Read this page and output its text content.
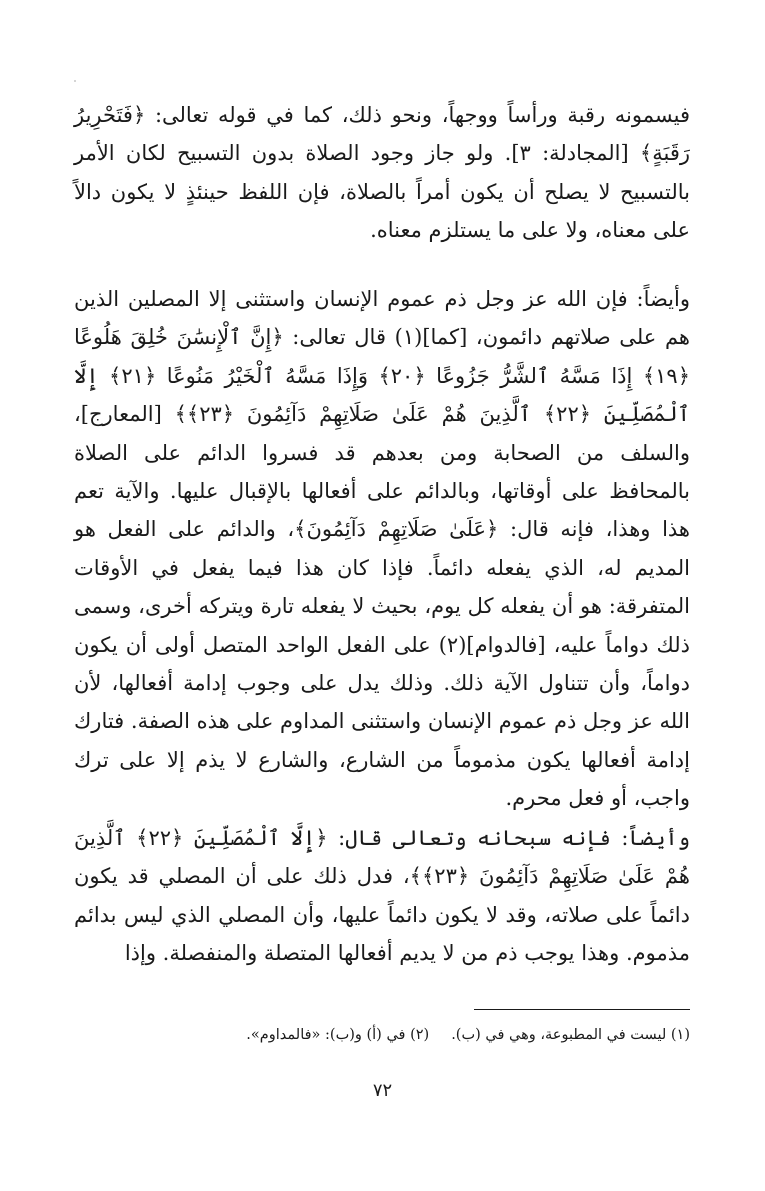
فيسمونه رقبة ورأساً ووجهاً، ونحو ذلك، كما في قوله تعالى: ﴿فَتَحْرِيرُ رَقَبَةٍ﴾ [المجادلة: ٣]. ولو جاز وجود الصلاة بدون التسبيح لكان الأمر بالتسبيح لا يصلح أن يكون أمراً بالصلاة، فإن اللفظ حينئذٍ لا يكون دالاً على معناه، ولا على ما يستلزم معناه.

وأيضاً: فإن الله عز وجل ذم عموم الإنسان واستثنى إلا المصلين الذين هم على صلاتهم دائمون، [كما](١) قال تعالى: ﴿إِنَّ ٱلْإِنسَٰنَ خُلِقَ هَلُوعًا ﴿١٩﴾ إِذَا مَسَّهُ ٱلشَّرُّ جَزُوعًا ﴿٢٠﴾ وَإِذَا مَسَّهُ ٱلْخَيْرُ مَنُوعًا ﴿٢١﴾ إِلَّا ٱلْمُصَلِّينَ ﴿٢٢﴾ ٱلَّذِينَ هُمْ عَلَىٰ صَلَاتِهِمْ دَآئِمُونَ ﴿٢٣﴾﴾ [المعارج]، والسلف من الصحابة ومن بعدهم قد فسروا الدائم على الصلاة بالمحافظ على أوقاتها، وبالدائم على أفعالها بالإقبال عليها. والآية تعم هذا وهذا، فإنه قال: ﴿عَلَىٰ صَلَاتِهِمْ دَآئِمُونَ﴾، والدائم على الفعل هو المديم له، الذي يفعله دائماً. فإذا كان هذا فيما يفعل في الأوقات المتفرقة: هو أن يفعله كل يوم، بحيث لا يفعله تارة ويتركه أخرى، وسمى ذلك دواماً عليه، [فالدوام](٢) على الفعل الواحد المتصل أولى أن يكون دواماً، وأن تتناول الآية ذلك. وذلك يدل على وجوب إدامة أفعالها، لأن الله عز وجل ذم عموم الإنسان واستثنى المداوم على هذه الصفة. فتارك إدامة أفعالها يكون مذموماً من الشارع، والشارع لا يذم إلا على ترك واجب، أو فعل محرم.

وأيضاً: فإنه سبحانه وتعالى قال: ﴿إِلَّا ٱلْمُصَلِّينَ ﴿٢٢﴾ ٱلَّذِينَ هُمْ عَلَىٰ صَلَاتِهِمْ دَآئِمُونَ ﴿٢٣﴾﴾، فدل ذلك على أن المصلي قد يكون دائماً على صلاته، وقد لا يكون دائماً عليها، وأن المصلي الذي ليس بدائم مذموم. وهذا يوجب ذم من لا يديم أفعالها المتصلة والمنفصلة. وإذا

(١) ليست في المطبوعة، وهي في (ب).(٢) في (أ) و(ب): «فالمداوم».
٧٢
